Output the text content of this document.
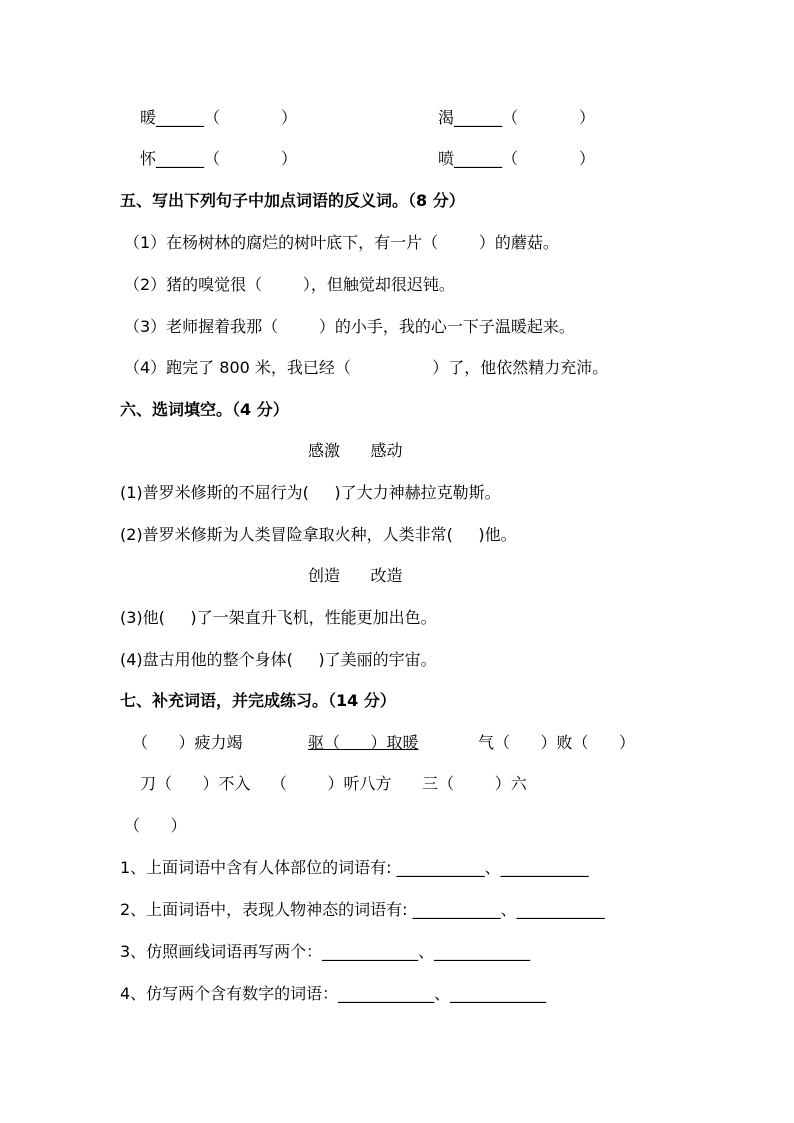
暖______（            ）	渴______（            ）
怀______（            ）	喷______（            ）
五、写出下列句子中加点词语的反义词。（8 分）
（1）在杨树林的腐烂的树叶底下，有一片（        ）的蘑菇。
（2）猪的嗅觉很（        ），但触觉却很迟钝。
（3）老师握着我那（        ）的小手，我的心一下子温暖起来。
（4）跑完了 800 米，我已经（                ）了，他依然精力充沛。
六、选词填空。（4 分）
感激      感动
(1)普罗米修斯的不屈行为(     )了大力神赫拉克勒斯。
(2)普罗米修斯为人类冒险拿取火种，人类非常(     )他。
创造      改造
(3)他(     )了一架直升飞机，性能更加出色。
(4)盘古用他的整个身体(     )了美丽的宇宙。
七、补充词语，并完成练习。（14 分）
（      ）疲力竭	驱（      ）取暖	气（      ）败（      ）
刀（      ）不入    （        ）听八方      三（        ）六
（      ）
1、上面词语中含有人体部位的词语有: ___________、___________
2、上面词语中，表现人物神态的词语有: ___________、___________
3、仿照画线词语再写两个：____________、____________
4、仿写两个含有数字的词语：____________、____________
